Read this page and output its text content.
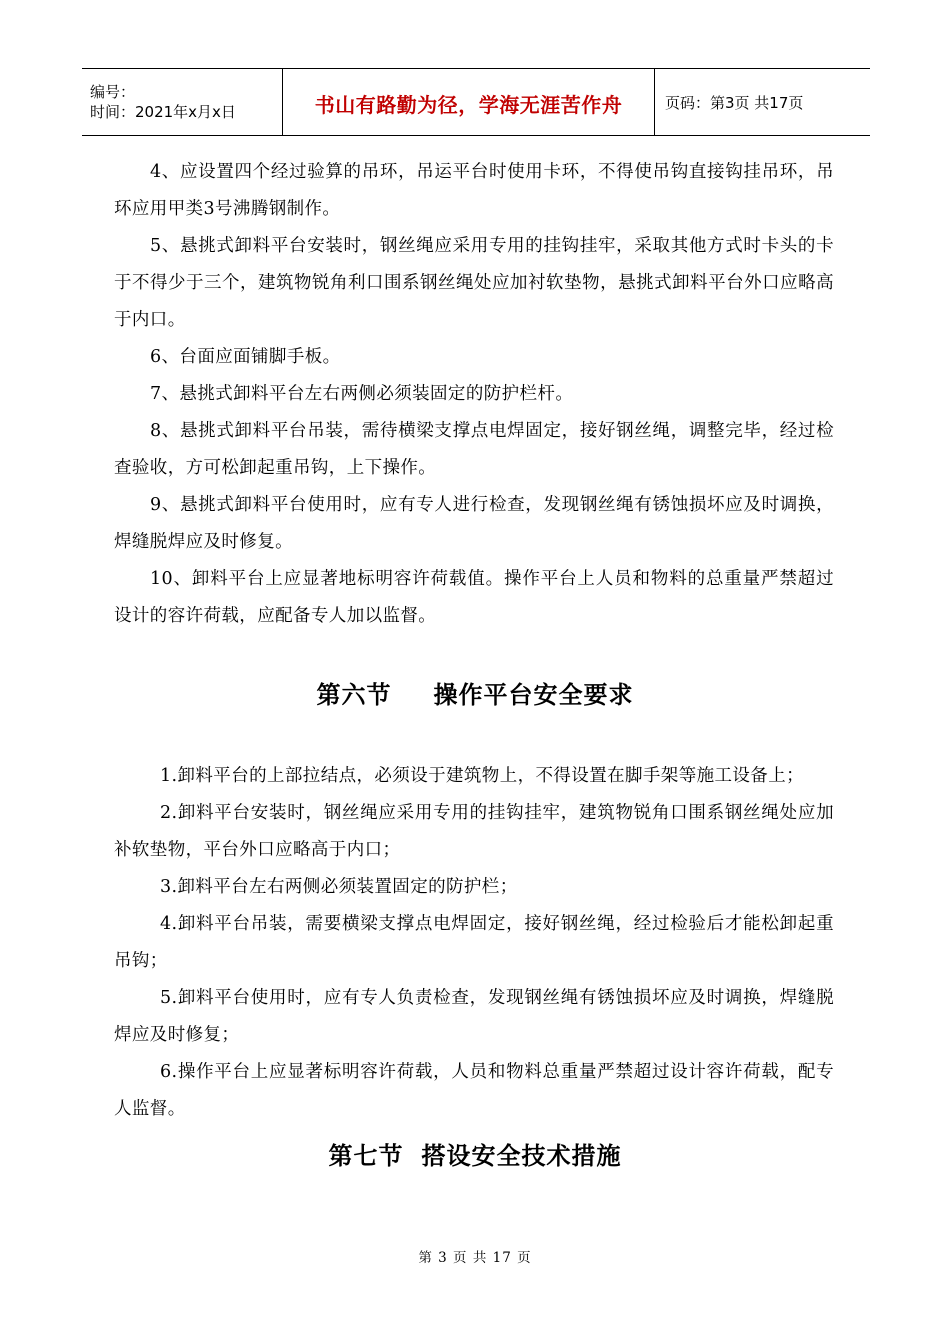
编号：
时间：2021年x月x日	书山有路勤为径，学海无涯苦作舟	页码：第3页 共17页

4、应设置四个经过验算的吊环，吊运平台时使用卡环，不得使吊钩直接钩挂吊环，吊环应用甲类3号沸腾钢制作。

5、悬挑式卸料平台安装时，钢丝绳应采用专用的挂钩挂牢，采取其他方式时卡头的卡于不得少于三个，建筑物锐角利口围系钢丝绳处应加衬软垫物，悬挑式卸料平台外口应略高于内口。

6、台面应面铺脚手板。

7、悬挑式卸料平台左右两侧必须装固定的防护栏杆。

8、悬挑式卸料平台吊装，需待横梁支撑点电焊固定，接好钢丝绳，调整完毕，经过检查验收，方可松卸起重吊钩，上下操作。

9、悬挑式卸料平台使用时，应有专人进行检查，发现钢丝绳有锈蚀损坏应及时调换，焊缝脱焊应及时修复。

10、卸料平台上应显著地标明容许荷载值。操作平台上人员和物料的总重量严禁超过设计的容许荷载，应配备专人加以监督。

第六节 操作平台安全要求

1.卸料平台的上部拉结点，必须设于建筑物上，不得设置在脚手架等施工设备上；

2.卸料平台安装时，钢丝绳应采用专用的挂钩挂牢，建筑物锐角口围系钢丝绳处应加补软垫物，平台外口应略高于内口；

3.卸料平台左右两侧必须装置固定的防护栏；

4.卸料平台吊装，需要横梁支撑点电焊固定，接好钢丝绳，经过检验后才能松卸起重吊钩；

5.卸料平台使用时，应有专人负责检查，发现钢丝绳有锈蚀损坏应及时调换，焊缝脱焊应及时修复；

6.操作平台上应显著标明容许荷载，人员和物料总重量严禁超过设计容许荷载，配专人监督。

第七节 搭设安全技术措施
第 3 页 共 17 页
